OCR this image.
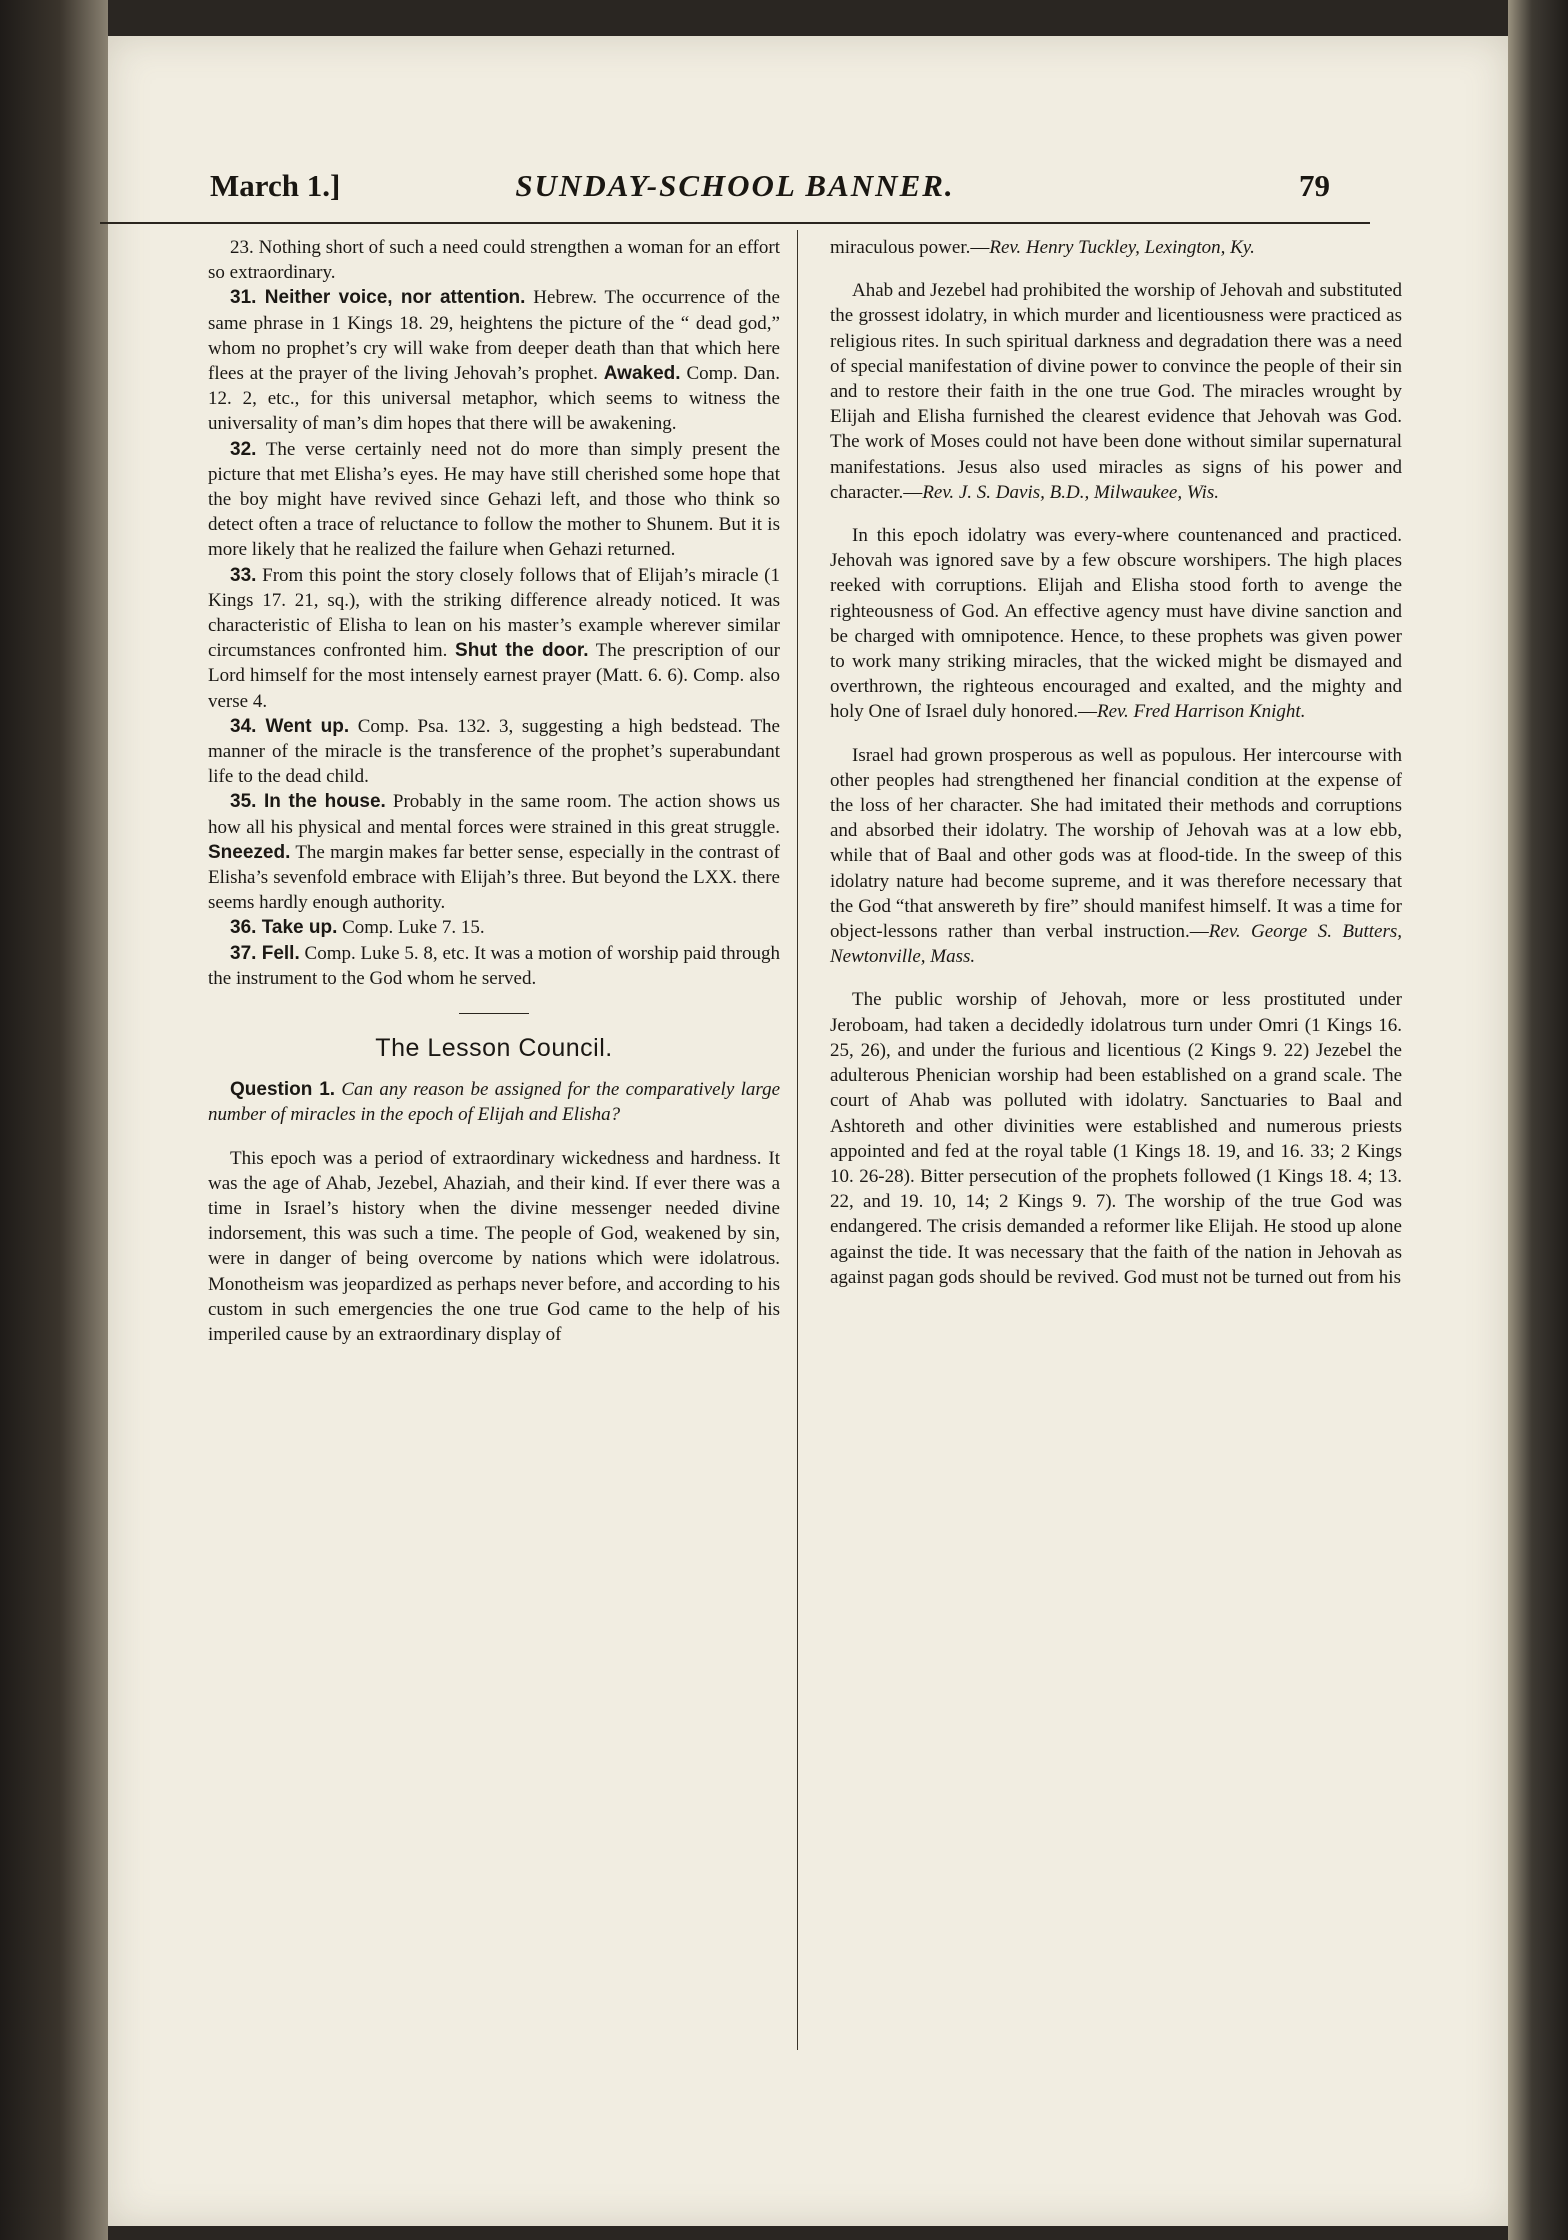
March 1.]	SUNDAY-SCHOOL BANNER.	79

23. Nothing short of such a need could strengthen a woman for an effort so extraordinary.

31. Neither voice, nor attention. Hebrew. The occurrence of the same phrase in 1 Kings 18. 29, heightens the picture of the “ dead god,” whom no prophet’s cry will wake from deeper death than that which here flees at the prayer of the living Jehovah’s prophet. Awaked. Comp. Dan. 12. 2, etc., for this universal metaphor, which seems to witness the universality of man’s dim hopes that there will be awakening.

32. The verse certainly need not do more than simply present the picture that met Elisha’s eyes. He may have still cherished some hope that the boy might have revived since Gehazi left, and those who think so detect often a trace of reluctance to follow the mother to Shunem. But it is more likely that he realized the failure when Gehazi returned.

33. From this point the story closely follows that of Elijah’s miracle (1 Kings 17. 21, sq.), with the striking difference already noticed. It was characteristic of Elisha to lean on his master’s example wherever similar circumstances confronted him. Shut the door. The prescription of our Lord himself for the most intensely earnest prayer (Matt. 6. 6). Comp. also verse 4.

34. Went up. Comp. Psa. 132. 3, suggesting a high bedstead. The manner of the miracle is the transference of the prophet’s superabundant life to the dead child.

35. In the house. Probably in the same room. The action shows us how all his physical and mental forces were strained in this great struggle. Sneezed. The margin makes far better sense, especially in the contrast of Elisha’s sevenfold embrace with Elijah’s three. But beyond the LXX. there seems hardly enough authority.

36. Take up. Comp. Luke 7. 15.

37. Fell. Comp. Luke 5. 8, etc. It was a motion of worship paid through the instrument to the God whom he served.

The Lesson Council.

Question 1. Can any reason be assigned for the comparatively large number of miracles in the epoch of Elijah and Elisha?

This epoch was a period of extraordinary wickedness and hardness. It was the age of Ahab, Jezebel, Ahaziah, and their kind. If ever there was a time in Israel’s history when the divine messenger needed divine indorsement, this was such a time. The people of God, weakened by sin, were in danger of being overcome by nations which were idolatrous. Monotheism was jeopardized as perhaps never before, and according to his custom in such emergencies the one true God came to the help of his imperiled cause by an extraordinary display of

miraculous power.—Rev. Henry Tuckley, Lexington, Ky.

Ahab and Jezebel had prohibited the worship of Jehovah and substituted the grossest idolatry, in which murder and licentiousness were practiced as religious rites. In such spiritual darkness and degradation there was a need of special manifestation of divine power to convince the people of their sin and to restore their faith in the one true God. The miracles wrought by Elijah and Elisha furnished the clearest evidence that Jehovah was God. The work of Moses could not have been done without similar supernatural manifestations. Jesus also used miracles as signs of his power and character.—Rev. J. S. Davis, B.D., Milwaukee, Wis.

In this epoch idolatry was every-where countenanced and practiced. Jehovah was ignored save by a few obscure worshipers. The high places reeked with corruptions. Elijah and Elisha stood forth to avenge the righteousness of God. An effective agency must have divine sanction and be charged with omnipotence. Hence, to these prophets was given power to work many striking miracles, that the wicked might be dismayed and overthrown, the righteous encouraged and exalted, and the mighty and holy One of Israel duly honored.—Rev. Fred Harrison Knight.

Israel had grown prosperous as well as populous. Her intercourse with other peoples had strengthened her financial condition at the expense of the loss of her character. She had imitated their methods and corruptions and absorbed their idolatry. The worship of Jehovah was at a low ebb, while that of Baal and other gods was at flood-tide. In the sweep of this idolatry nature had become supreme, and it was therefore necessary that the God “that answereth by fire” should manifest himself. It was a time for object-lessons rather than verbal instruction.—Rev. George S. Butters, Newtonville, Mass.

The public worship of Jehovah, more or less prostituted under Jeroboam, had taken a decidedly idolatrous turn under Omri (1 Kings 16. 25, 26), and under the furious and licentious (2 Kings 9. 22) Jezebel the adulterous Phenician worship had been established on a grand scale. The court of Ahab was polluted with idolatry. Sanctuaries to Baal and Ashtoreth and other divinities were established and numerous priests appointed and fed at the royal table (1 Kings 18. 19, and 16. 33; 2 Kings 10. 26-28). Bitter persecution of the prophets followed (1 Kings 18. 4; 13. 22, and 19. 10, 14; 2 Kings 9. 7). The worship of the true God was endangered. The crisis demanded a reformer like Elijah. He stood up alone against the tide. It was necessary that the faith of the nation in Jehovah as against pagan gods should be revived. God must not be turned out from his
